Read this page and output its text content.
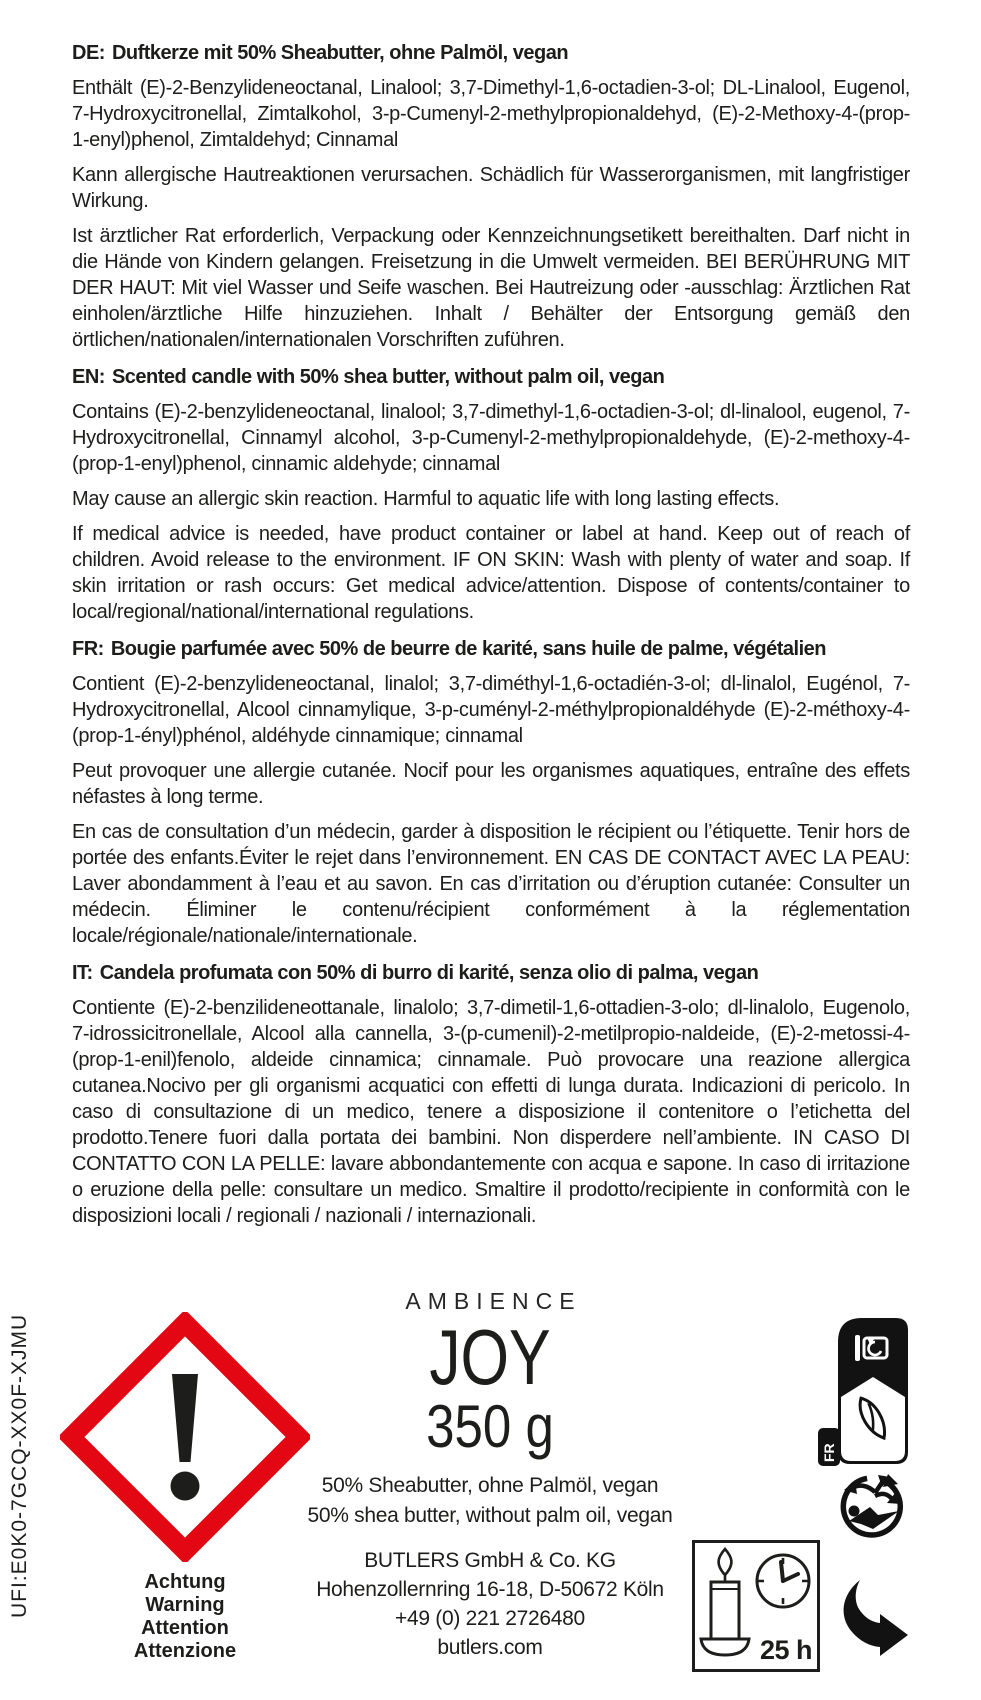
DE: Duftkerze mit 50% Sheabutter, ohne Palmöl, vegan
Enthält (E)-2-Benzylideneoctanal, Linalool; 3,7-Dimethyl-1,6-octadien-3-ol; DL-Linalool, Eugenol, 7-Hydroxycitronellal, Zimtalkohol, 3-p-Cumenyl-2-methylpropionaldehyd, (E)-2-Methoxy-4-(prop-1-enyl)phenol, Zimtaldehyd; Cinnamal
Kann allergische Hautreaktionen verursachen. Schädlich für Wasserorganismen, mit langfristiger Wirkung.
Ist ärztlicher Rat erforderlich, Verpackung oder Kennzeichnungsetikett bereithalten. Darf nicht in die Hände von Kindern gelangen. Freisetzung in die Umwelt vermeiden. BEI BERÜHRUNG MIT DER HAUT: Mit viel Wasser und Seife waschen. Bei Hautreizung oder -ausschlag: Ärztlichen Rat einholen/ärztliche Hilfe hinzuziehen. Inhalt / Behälter der Entsorgung gemäß den örtlichen/nationalen/internationalen Vorschriften zuführen.
EN: Scented candle with 50% shea butter, without palm oil, vegan
Contains (E)-2-benzylideneoctanal, linalool; 3,7-dimethyl-1,6-octadien-3-ol; dl-linalool, eugenol, 7-Hydroxycitronellal, Cinnamyl alcohol, 3-p-Cumenyl-2-methylpropionaldehyde, (E)-2-methoxy-4-(prop-1-enyl)phenol, cinnamic aldehyde; cinnamal
May cause an allergic skin reaction. Harmful to aquatic life with long lasting effects.
If medical advice is needed, have product container or label at hand. Keep out of reach of children. Avoid release to the environment. IF ON SKIN: Wash with plenty of water and soap. If skin irritation or rash occurs: Get medical advice/attention. Dispose of contents/container to local/regional/national/international regulations.
FR: Bougie parfumée avec 50% de beurre de karité, sans huile de palme, végétalien
Contient (E)-2-benzylideneoctanal, linalol; 3,7-diméthyl-1,6-octadién-3-ol; dl-linalol, Eugénol, 7-Hydroxycitronellal, Alcool cinnamylique, 3-p-cuményl-2-méthylpropionaldéhyde (E)-2-méthoxy-4-(prop-1-ényl)phénol, aldéhyde cinnamique; cinnamal
Peut provoquer une allergie cutanée. Nocif pour les organismes aquatiques, entraîne des effets néfastes à long terme.
En cas de consultation d’un médecin, garder à disposition le récipient ou l’étiquette. Tenir hors de portée des enfants.Éviter le rejet dans l’environnement. EN CAS DE CONTACT AVEC LA PEAU: Laver abondamment à l’eau et au savon. En cas d’irritation ou d’éruption cutanée: Consulter un médecin. Éliminer le contenu/récipient conformément à la réglementation locale/régionale/nationale/internationale.
IT: Candela profumata con 50% di burro di karité, senza olio di palma, vegan
Contiente (E)-2-benzilideneottanale, linalolo; 3,7-dimetil-1,6-ottadien-3-olo; dl-linalolo, Eugenolo, 7-idrossicitronellale, Alcool alla cannella, 3-(p-cumenil)-2-metilpropio-naldeide, (E)-2-metossi-4-(prop-1-enil)fenolo, aldeide cinnamica; cinnamale. Può provocare una reazione allergica cutanea.Nocivo per gli organismi acquatici con effetti di lunga durata. Indicazioni di pericolo. In caso di consultazione di un medico, tenere a disposizione il contenitore o l’etichetta del prodotto.Tenere fuori dalla portata dei bambini. Non disperdere nell’ambiente. IN CASO DI CONTATTO CON LA PELLE: lavare abbondantemente con acqua e sapone. In caso di irritazione o eruzione della pelle: consultare un medico. Smaltire il prodotto/recipiente in conformità con le disposizioni locali / regionali / nazionali / internazionali.
UFI:E0K0-7GCQ-XX0F-XJMU	Achtung
Warning
Attention
Attenzione
AMBIENCE
JOY
350 g
50% Sheabutter, ohne Palmöl, vegan
50% shea butter, without palm oil, vegan
BUTLERS GmbH & Co. KG
Hohenzollernring 16-18, D-50672 Köln
+49 (0) 221 2726480
butlers.com
FR
25 h
